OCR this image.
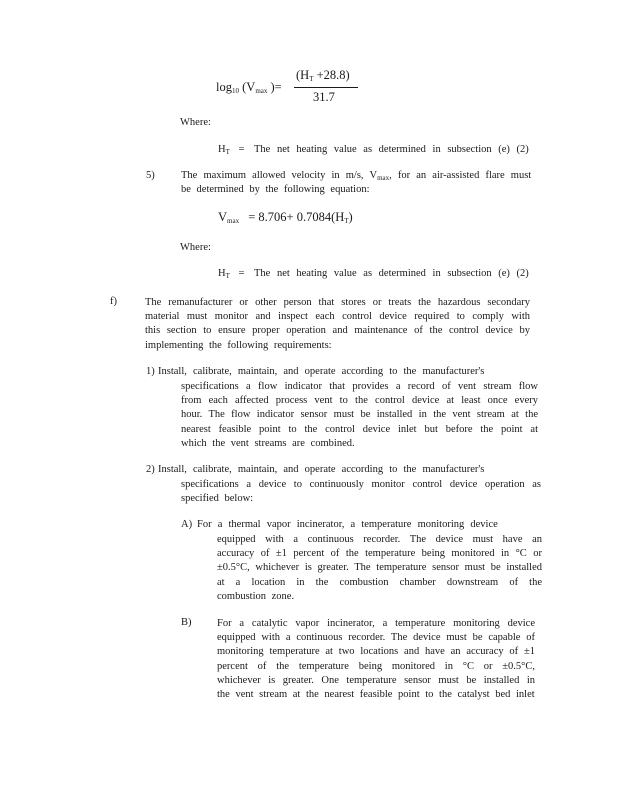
$\log_{10} (V_{max}$ )=
$(H_T +28.8)$
31.7
Where:
$H_T$ = The net heating value as determined in subsection (e) (2)
5)	The maximum allowed velocity in m/s, $V_{max}$, for an air-assisted flare must
be determined by the following equation:
$V_{max} = 8.706+ 0.7084(H_T)$
Where:
$H_T$ = The net heating value as determined in subsection (e) (2)
f)	The remanufacturer or other person that stores or treats the hazardous secondary material must monitor and inspect each control device required to comply with this section to ensure proper operation and maintenance of the control device by implementing the following requirements:
1) Install, calibrate, maintain, and operate according to the manufacturer's
specifications a flow indicator that provides a record of vent stream flow from each affected process vent to the control device at least once every hour. The flow indicator sensor must be installed in the vent stream at the nearest feasible point to the control device inlet but before the point at which the vent streams are combined.
2) Install, calibrate, maintain, and operate according to the manufacturer's
specifications a device to continuously monitor control device operation as specified below:
A) For a thermal vapor incinerator, a temperature monitoring device
equipped with a continuous recorder. The device must have an accuracy of ±1 percent of the temperature being monitored in °C or ±0.5°C, whichever is greater. The temperature sensor must be installed at a location in the combustion chamber downstream of the combustion zone.
B) For a catalytic vapor incinerator, a temperature monitoring device equipped with a continuous recorder. The device must be capable of monitoring temperature at two locations and have an accuracy of ±1 percent of the temperature being monitored in °C or ±0.5°C, whichever is greater. One temperature sensor must be installed in the vent stream at the nearest feasible point to the catalyst bed inlet
